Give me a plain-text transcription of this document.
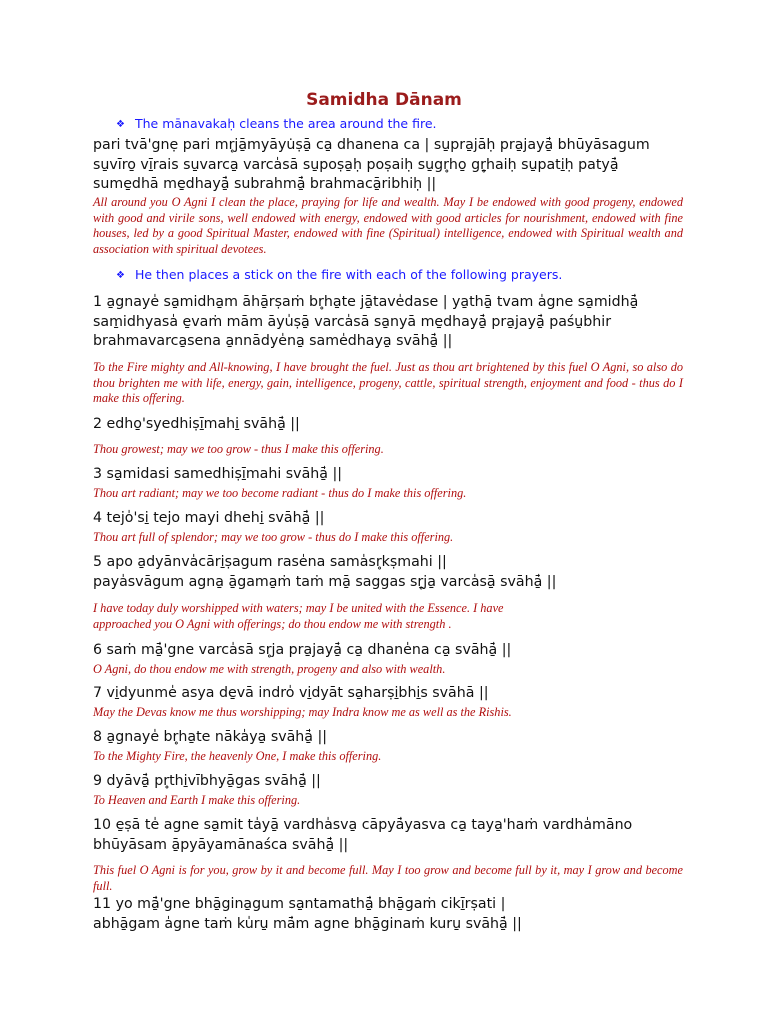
Samidha Dānam
❖ The mānavakaḥ cleans the area around the fire.
pari tvā'gnẹ pari mr̥jā̱myāyu̇ṣā̱ ca̱ dhanena ca | su̱pra̱jāḥ pra̱jayā̱̍ bhūyāsagum
su̱vīro̱ vī̱rais su̱varca̱ varca̍sā su̱poṣa̱ḥ poṣaiḥ su̱gr̥ho̱ gr̥̱haiḥ su̱pati̱ḥ patyā̱̍
sume̱dhā me̱dhayā̱̍ subrahmā̱̍ brahmacā̱ribhiḥ ||
All around you O Agni I clean the place, praying for life and wealth. May I be endowed with good progeny, endowed with good and virile sons, well endowed with energy, endowed with good articles for nourishment, endowed with fine houses, led by a good Spiritual Master, endowed with fine (Spiritual) intelligence, endowed with Spiritual wealth and association with spiritual devotees.
❖ He then places a stick on the fire with each of the following prayers.
1 a̱gnaye̍ sa̱midha̱m āhā̱rṣaṁ br̥ha̱te jā̱tave̍dase | ya̱thā̱ tvam a̍gne sa̱midhā̱̍
sam̱idhyasa̍ e̱vaṁ mām āyu̍ṣā̱ varca̍sā sa̱nyā me̱dhayā̱̍ pra̱jayā̱̍ paśu̱bhir
brahmavarca̱sena a̱nnādye̍na̱ same̍dhaya̱ svāhā̱̍ ||
To the Fire mighty and All-knowing, I have brought the fuel. Just as thou art brightened by this fuel O Agni, so also do thou brighten me with life, energy, gain, intelligence, progeny, cattle, spiritual strength, enjoyment and food - thus do I make this offering.
2 edho̱'syedhiṣī̱mahi̱ svāhā̱̍ ||
Thou growest; may we too grow - thus I make this offering.
3 sa̱midasi samedhiṣī̱mahi svāhā̱̍ ||
Thou art radiant; may we too become radiant - thus do I make this offering.
4 tejo̍'si̱ tejo mayi dhehi̱ svāhā̱̍ ||
Thou art full of splendor; may we too grow - thus do I make this offering.
5 apo a̱dyānva̍cāri̱ṣagum rase̍na sama̍sr̥kṣmahi ||
paya̍svāgum agna̱ ā̱gama̱ṁ taṁ mā̱ saggas sr̥̱ja̱ varca̍sā̱ svāhā̱̍ ||
I have today duly worshipped with waters; may I be united with the Essence. I have approached you O Agni with offerings; do thou endow me with strength .
6 saṁ mā̱̍'gne varca̍sā sr̥ja pra̱jayā̱̍ ca̱ dhane̍na ca̱ svāhā̱̍ ||
O Agni, do thou endow me with strength, progeny and also with wealth.
7 vi̱dyunme̍ asya de̱vā indro̍ vi̱dyāt sa̱harṣi̱bhi̱s svāhā ||
May the Devas know me thus worshipping; may Indra know me as well as the Rishis.
8 a̱gnaye̍ br̥ha̱te nāka̍ya̱ svāhā̱̍ ||
To the Mighty Fire, the heavenly One, I make this offering.
9 dyāvā̱̍ pr̥thi̱vībhyā̱gas svāhā̱̍ ||
To Heaven and Earth I make this offering.
10 e̱ṣā te̍ agne sa̱mit ta̍yā̱ vardha̍sva̱ cāpyā̍yasva ca̱ taya̱'haṁ vardha̍māno
bhūyāsam ā̱pyāyamānaśca svāhā̱̍ ||
This fuel O Agni is for you, grow by it and become full. May I too grow and become full by it, may I grow and become full.
11 yo mā̱̍'gne bhā̱gina̱gum sa̱ntamathā̱̍ bhā̱gaṁ cikī̱rṣati |
abhā̱gam a̍gne taṁ ku̍ru̱ mā̍m agne bhā̱ginaṁ kuru̱ svāhā̱̍ ||
